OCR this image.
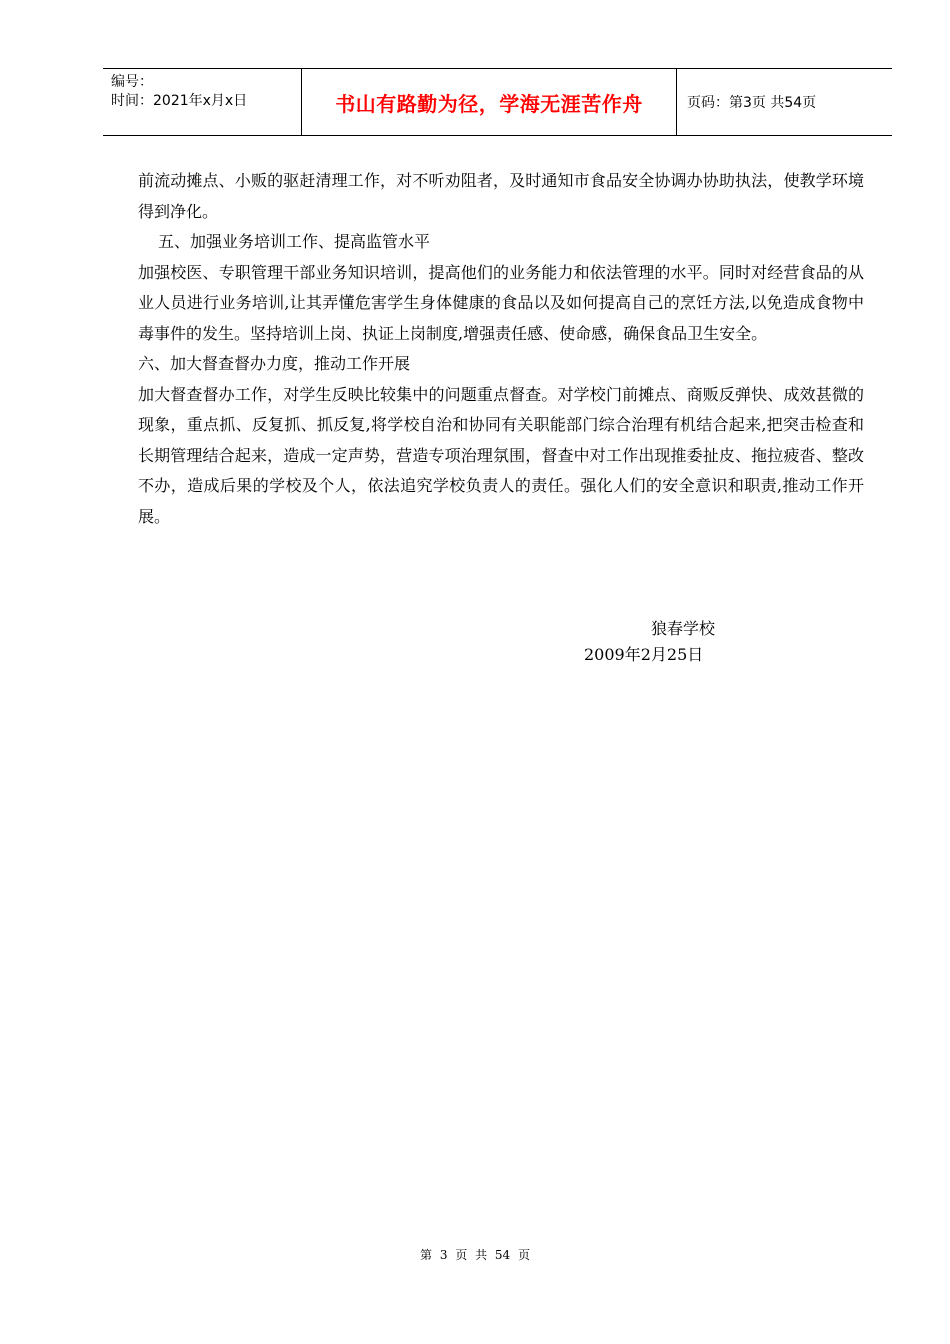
编号：
时间：2021年x月x日	书山有路勤为径，学海无涯苦作舟	页码：第3页 共54页

前流动摊点、小贩的驱赶清理工作，对不听劝阻者，及时通知市食品安全协调办协助执法，使教学环境得到净化。

五、加强业务培训工作、提高监管水平

加强校医、专职管理干部业务知识培训，提高他们的业务能力和依法管理的水平。同时对经营食品的从业人员进行业务培训,让其弄懂危害学生身体健康的食品以及如何提高自己的烹饪方法,以免造成食物中毒事件的发生。坚持培训上岗、执证上岗制度,增强责任感、使命感，确保食品卫生安全。

六、加大督查督办力度，推动工作开展

加大督查督办工作，对学生反映比较集中的问题重点督查。对学校门前摊点、商贩反弹快、成效甚微的现象，重点抓、反复抓、抓反复,将学校自治和协同有关职能部门综合治理有机结合起来,把突击检查和长期管理结合起来，造成一定声势，营造专项治理氛围，督查中对工作出现推委扯皮、拖拉疲沓、整改不办，造成后果的学校及个人，依法追究学校负责人的责任。强化人们的安全意识和职责,推动工作开展。

狼春学校
2009年2月25日
第 3 页 共 54 页
